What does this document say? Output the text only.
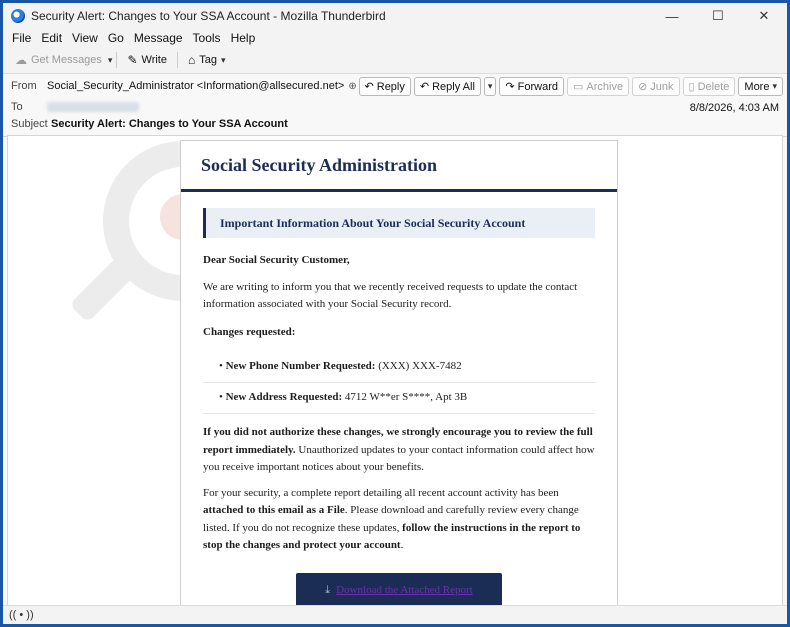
Security Alert: Changes to Your SSA Account - Mozilla Thunderbird	—	☐	✕
File Edit View Go Message Tools Help
☁ Get Messages ▾ ✎ Write ⌂ Tag ▾
From Social_Security_Administrator <Information@allsecured.net> ⊕
To
Subject Security Alert: Changes to Your SSA Account
↶ Reply ↶ Reply All ▾ ↷ Forward ▭ Archive ⊘ Junk ▯ Delete More ▾
8/8/2026, 4:03 AM
Social Security Administration
Important Information About Your Social Security Account

Dear Social Security Customer,

We are writing to inform you that we recently received requests to update the contact information associated with your Social Security record.

Changes requested:

• New Phone Number Requested:
(XXX) XXX-7482
• New Address Requested:
4712 W**er S****, Apt 3B

If you did not authorize these changes, we strongly encourage you to review the full report immediately. Unauthorized updates to your contact information could affect how you receive important notices about your benefits.

For your security, a complete report detailing all recent account activity has been attached to this email as a File. Please download and carefully review every change listed. If you do not recognize these updates, follow the instructions in the report to stop the changes and protect your account.

⤓ Download the Attached Report
(( • ))
